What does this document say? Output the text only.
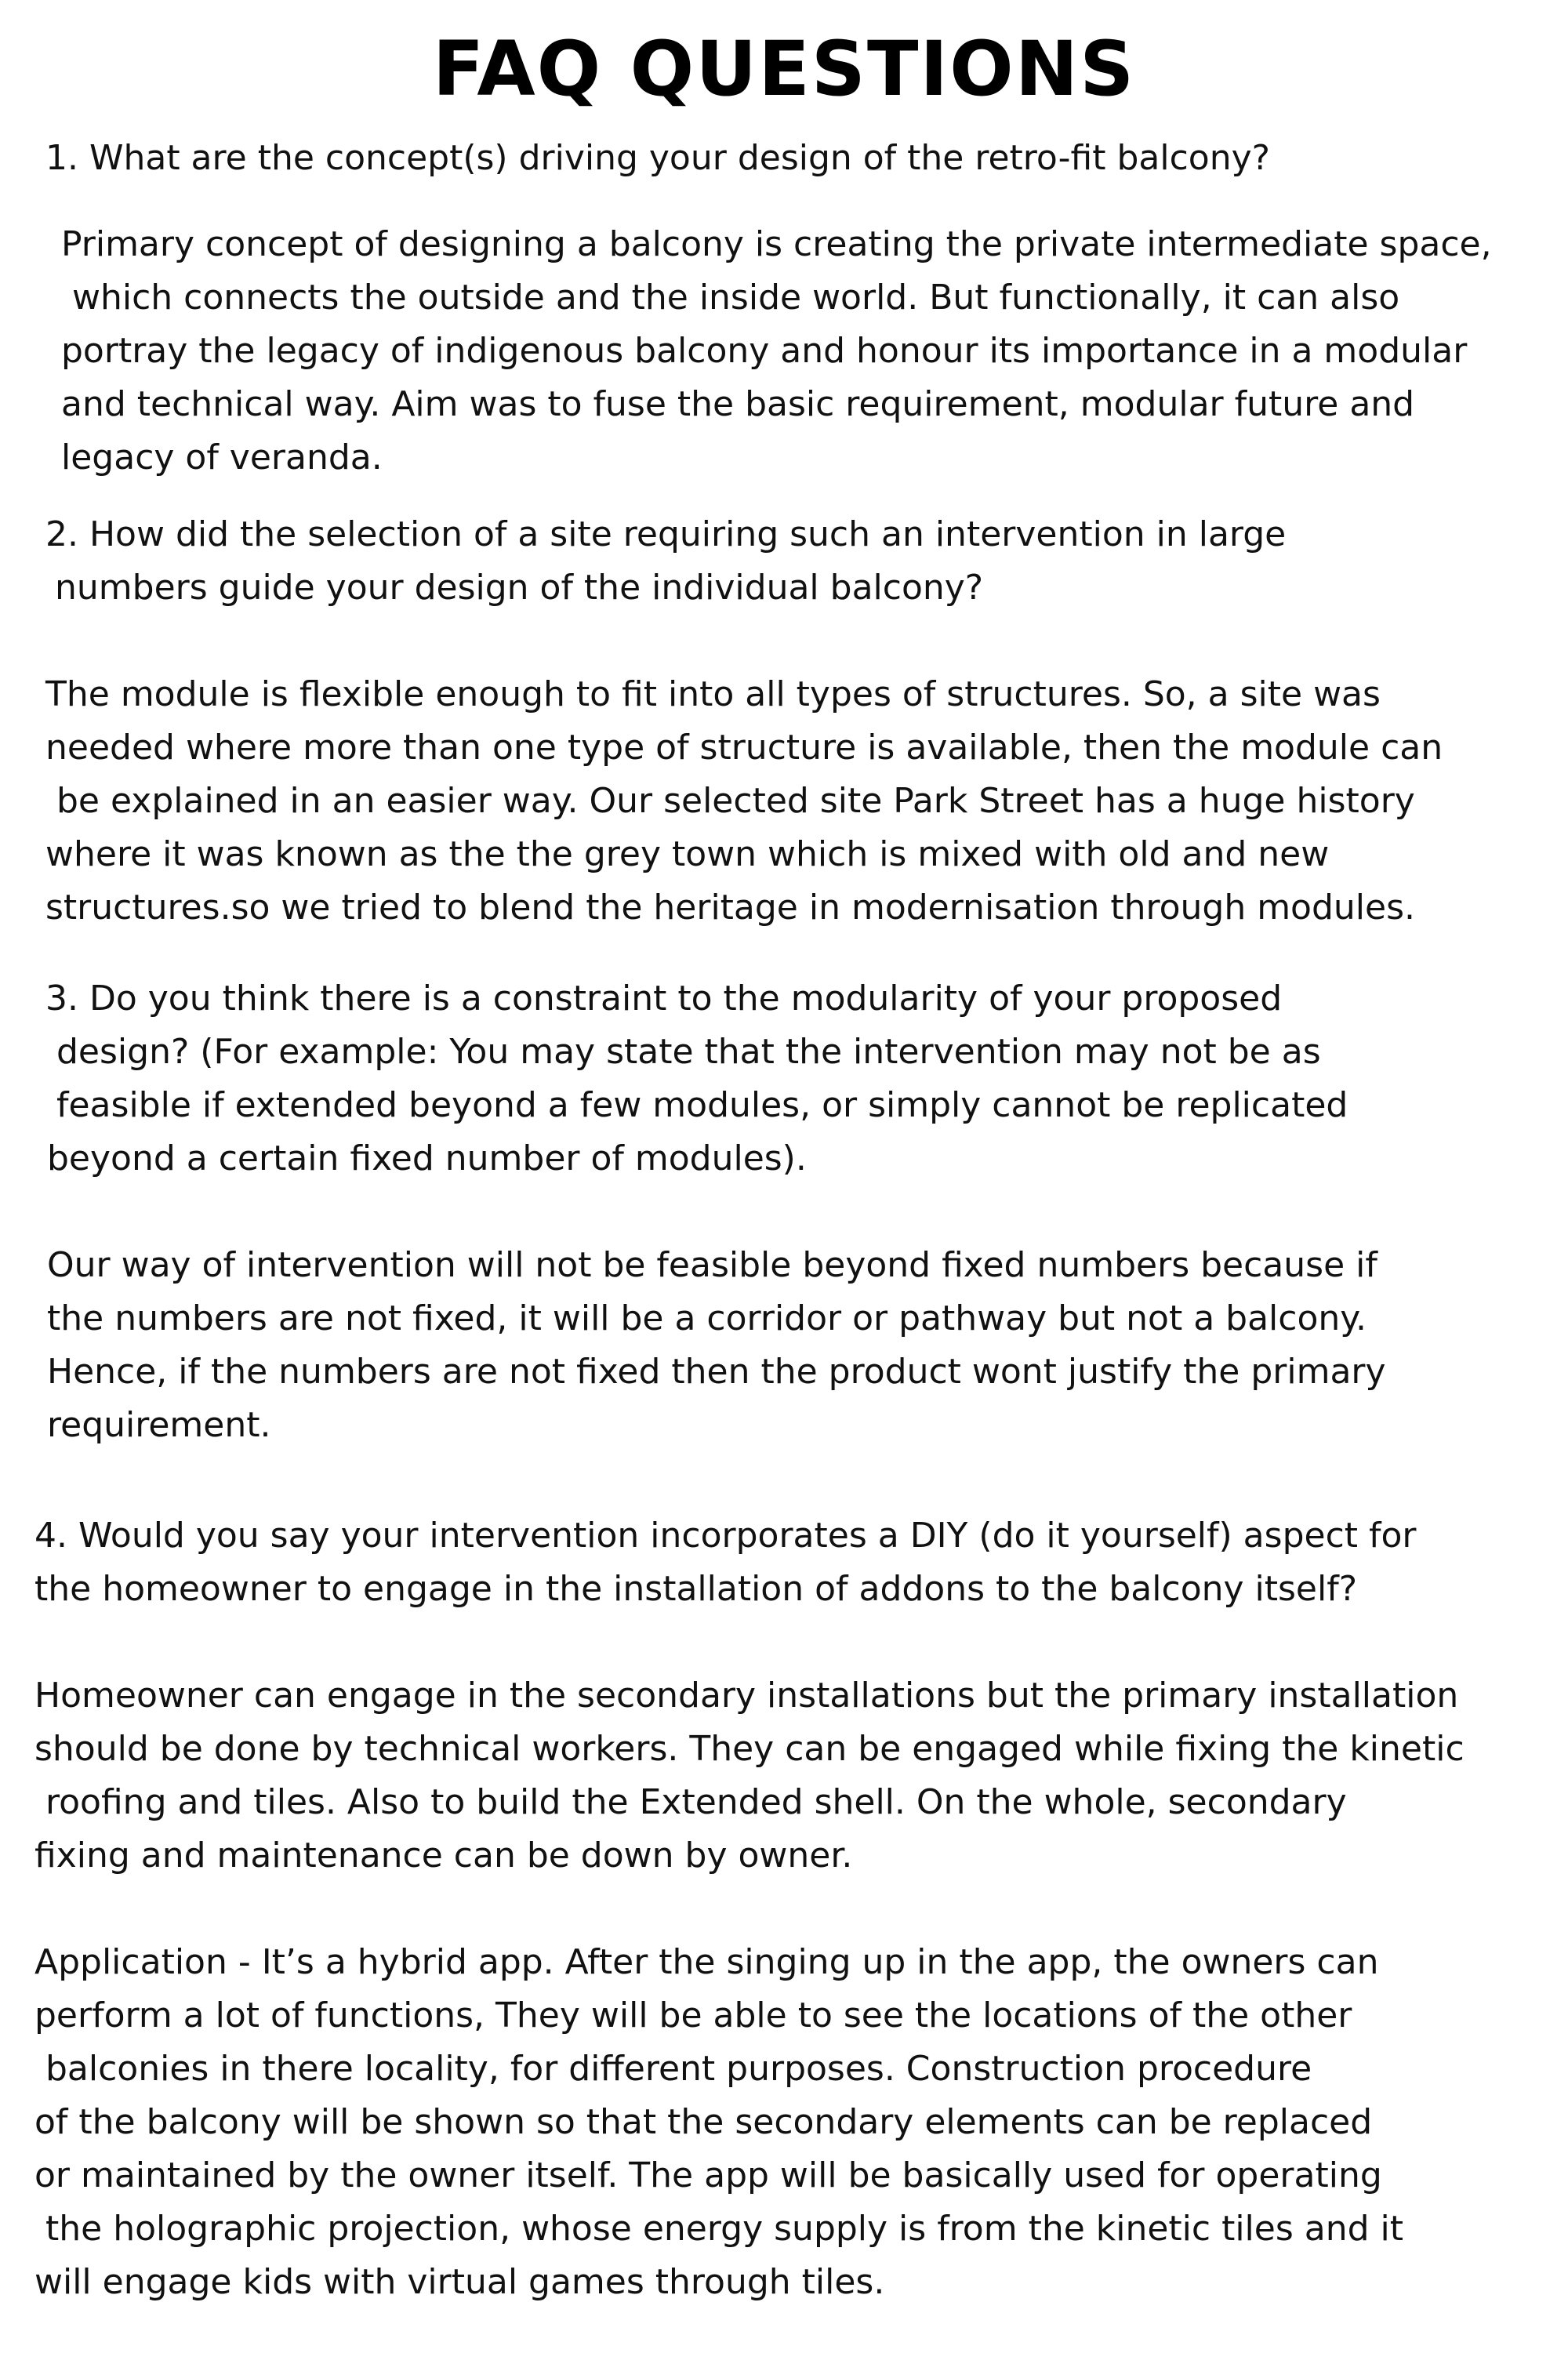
FAQ QUESTIONS
1. What are the concept(s) driving your design of the retro-fit balcony?
Primary concept of designing a balcony is creating the private intermediate space,
which connects the outside and the inside world. But functionally, it can also
portray the legacy of indigenous balcony and honour its importance in a modular
and technical way. Aim was to fuse the basic requirement, modular future and
legacy of veranda.
2. How did the selection of a site requiring such an intervention in large
numbers guide your design of the individual balcony?
The module is flexible enough to fit into all types of structures. So, a site was
needed where more than one type of structure is available, then the module can
be explained in an easier way. Our selected site Park Street has a huge history
where it was known as the the grey town which is mixed with old and new
structures.so we tried to blend the heritage in modernisation through modules.
3. Do you think there is a constraint to the modularity of your proposed
design? (For example: You may state that the intervention may not be as
feasible if extended beyond a few modules, or simply cannot be replicated
beyond a certain fixed number of modules).
Our way of intervention will not be feasible beyond fixed numbers because if
the numbers are not fixed, it will be a corridor or pathway but not a balcony.
Hence, if the numbers are not fixed then the product wont justify the primary
requirement.
4. Would you say your intervention incorporates a DIY (do it yourself) aspect for
the homeowner to engage in the installation of addons to the balcony itself?
Homeowner can engage in the secondary installations but the primary installation
should be done by technical workers. They can be engaged while fixing the kinetic
roofing and tiles. Also to build the Extended shell. On the whole, secondary
fixing and maintenance can be down by owner.
Application - It’s a hybrid app. After the singing up in the app, the owners can
perform a lot of functions, They will be able to see the locations of the other
balconies in there locality, for different purposes. Construction procedure
of the balcony will be shown so that the secondary elements can be replaced
or maintained by the owner itself. The app will be basically used for operating
the holographic projection, whose energy supply is from the kinetic tiles and it
will engage kids with virtual games through tiles.
